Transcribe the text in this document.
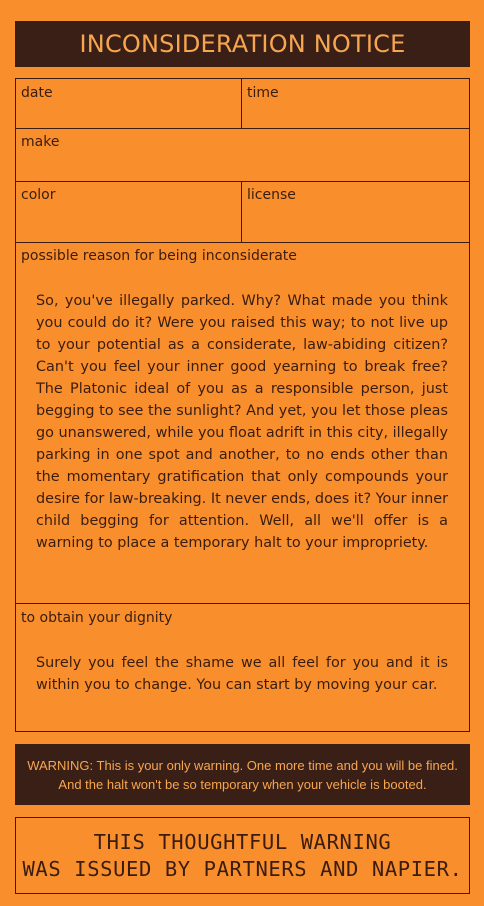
INCONSIDERATION NOTICE
date	time
make
color	license
possible reason for being inconsiderate
So, you've illegally parked. Why? What made you think you could do it? Were you raised this way; to not live up to your potential as a considerate, law-abiding citizen? Can't you feel your inner good yearning to break free? The Platonic ideal of you as a responsible person, just begging to see the sunlight? And yet, you let those pleas go unanswered, while you float adrift in this city, illegally parking in one spot and another, to no ends other than the momentary gratification that only compounds your desire for law-breaking. It never ends, does it? Your inner child begging for attention. Well, all we'll offer is a warning to place a temporary halt to your impropriety.
to obtain your dignity
Surely you feel the shame we all feel for you and it is within you to change. You can start by moving your car.
WARNING: This is your only warning. One more time and you will be fined.
And the halt won't be so temporary when your vehicle is booted.
THIS THOUGHTFUL WARNING
WAS ISSUED BY PARTNERS AND NAPIER.
